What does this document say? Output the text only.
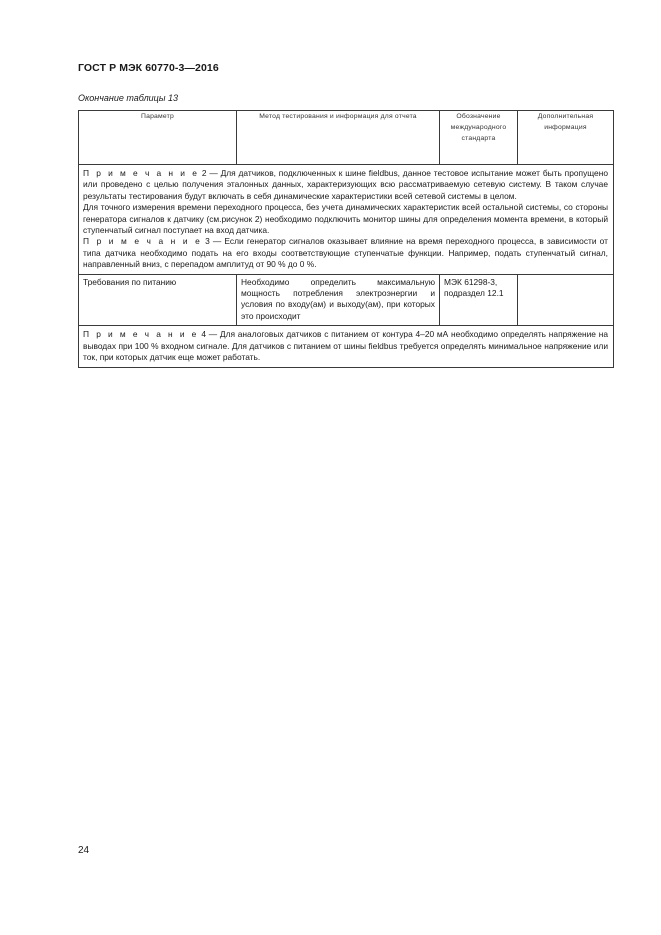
ГОСТ Р МЭК 60770-3—2016
Окончание таблицы 13
Параметр	Метод тестирования и информация для отчета	Обозначение международного стандарта	Дополнительная информация

П р и м е ч а н и е 2 — Для датчиков, подключенных к шине fieldbus, данное тестовое испытание может быть пропущено или проведено с целью получения эталонных данных, характеризующих всю рассматриваемую сетевую систему. В таком случае результаты тестирования будут включать в себя динамические характеристики всей сетевой системы в целом.

Для точного измерения времени переходного процесса, без учета динамических характеристик всей остальной системы, со стороны генератора сигналов к датчику (см.рисунок 2) необходимо подключить монитор шины для определения момента времени, в который ступенчатый сигнал поступает на вход датчика.

П р и м е ч а н и е 3 — Если генератор сигналов оказывает влияние на время переходного процесса, в зависимости от типа датчика необходимо подать на его входы соответствующие ступенчатые функции. Например, подать ступенчатый сигнал, направленный вниз, с перепадом амплитуд от 90 % до 0 %.			

Требования по питанию	Необходимо определить максимальную мощность потребления электроэнергии и условия по входу(ам) и выходу(ам), при которых это происходит	МЭК 61298-3, подраздел 12.1	

П р и м е ч а н и е 4 — Для аналоговых датчиков с питанием от контура 4–20 мА необходимо определять напряжение на выводах при 100 % входном сигнале. Для датчиков с питанием от шины fieldbus требуется определять минимальное напряжение или ток, при которых датчик еще может работать.			

24
